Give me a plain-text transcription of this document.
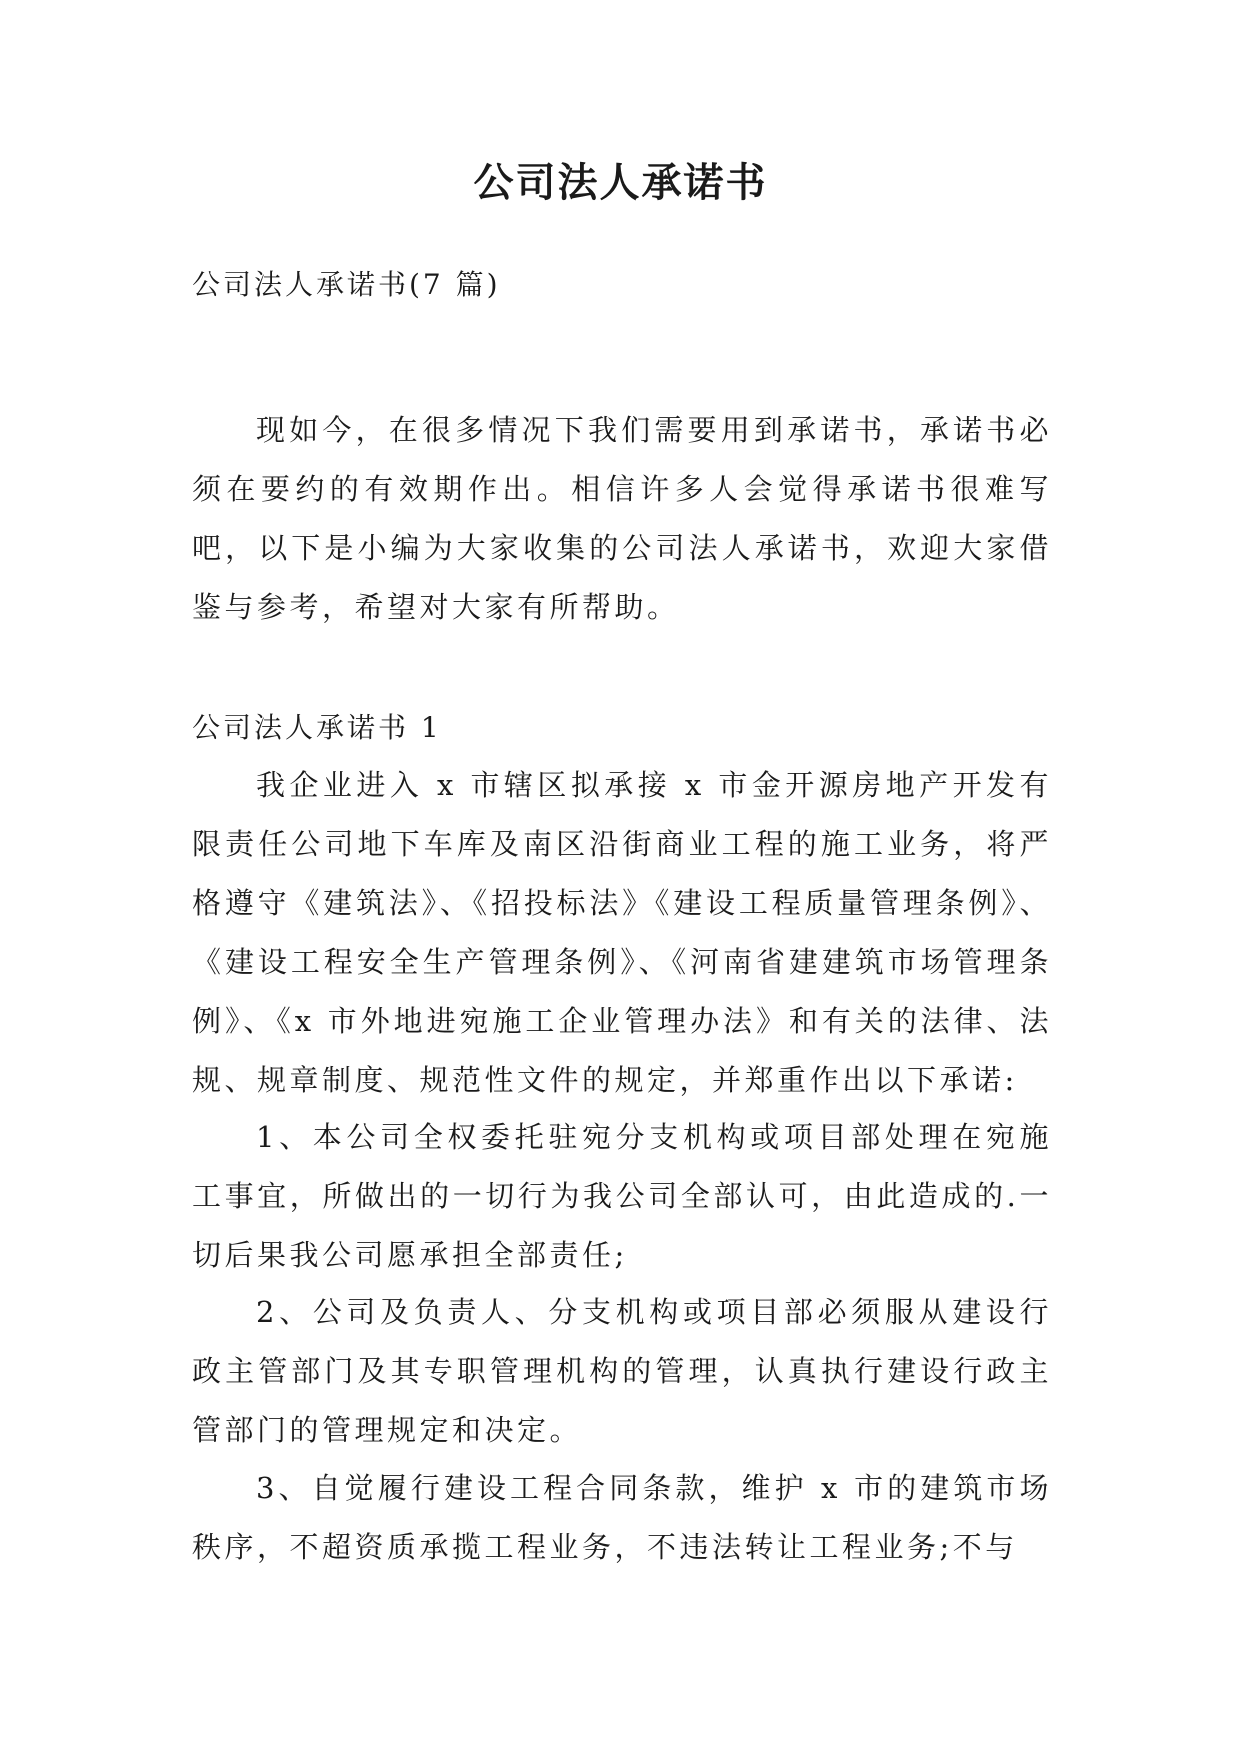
公司法人承诺书
公司法人承诺书(7 篇)

现如今，在很多情况下我们需要用到承诺书，承诺书必须在要约的有效期作出。相信许多人会觉得承诺书很难写吧，以下是小编为大家收集的公司法人承诺书，欢迎大家借鉴与参考，希望对大家有所帮助。

公司法人承诺书 1

我企业进入 x 市辖区拟承接 x 市金开源房地产开发有限责任公司地下车库及南区沿街商业工程的施工业务，将严格遵守《建筑法》、《招投标法》《建设工程质量管理条例》、《建设工程安全生产管理条例》、《河南省建建筑市场管理条例》、《x 市外地进宛施工企业管理办法》和有关的法律、法规、规章制度、规范性文件的规定，并郑重作出以下承诺:

1、本公司全权委托驻宛分支机构或项目部处理在宛施工事宜，所做出的一切行为我公司全部认可，由此造成的.一切后果我公司愿承担全部责任;

2、公司及负责人、分支机构或项目部必须服从建设行政主管部门及其专职管理机构的管理，认真执行建设行政主管部门的管理规定和决定。

3、自觉履行建设工程合同条款，维护 x 市的建筑市场秩序，不超资质承揽工程业务，不违法转让工程业务;不与
